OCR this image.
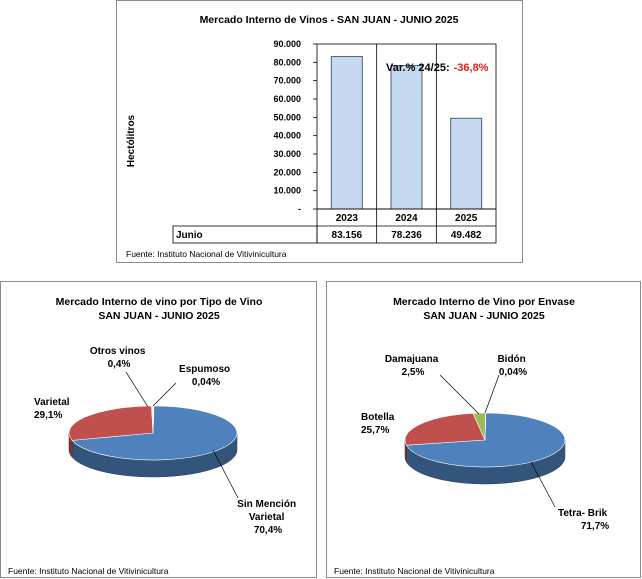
Mercado Interno de Vinos - SAN JUAN - JUNIO 2025
Hectólitros
-
10.000
20.000
30.000
40.000
50.000
60.000
70.000
80.000
90.000
Junio
2023
83.156
2024
78.236
2025
49.482
Var.% 24/25: -36,8%
Fuente: Instituto Nacional de Vitivinicultura
Mercado Interno de vino por Tipo de Vino
SAN JUAN - JUNIO 2025
Sin Mención Varietal 70,4%
Varietal 29,1%
Otros vinos 0,4%	Espumoso 0,04%
Fuente: Instituto Nacional de Vitivinicultura
Mercado Interno de Vino por Envase
SAN JUAN - JUNIO 2025
Tetra- Brik 71,7%
Botella 25,7%
Damajuana 2,5%
Bidón 0,04%
Fuente: Instituto Nacional de Vitivinicultura
